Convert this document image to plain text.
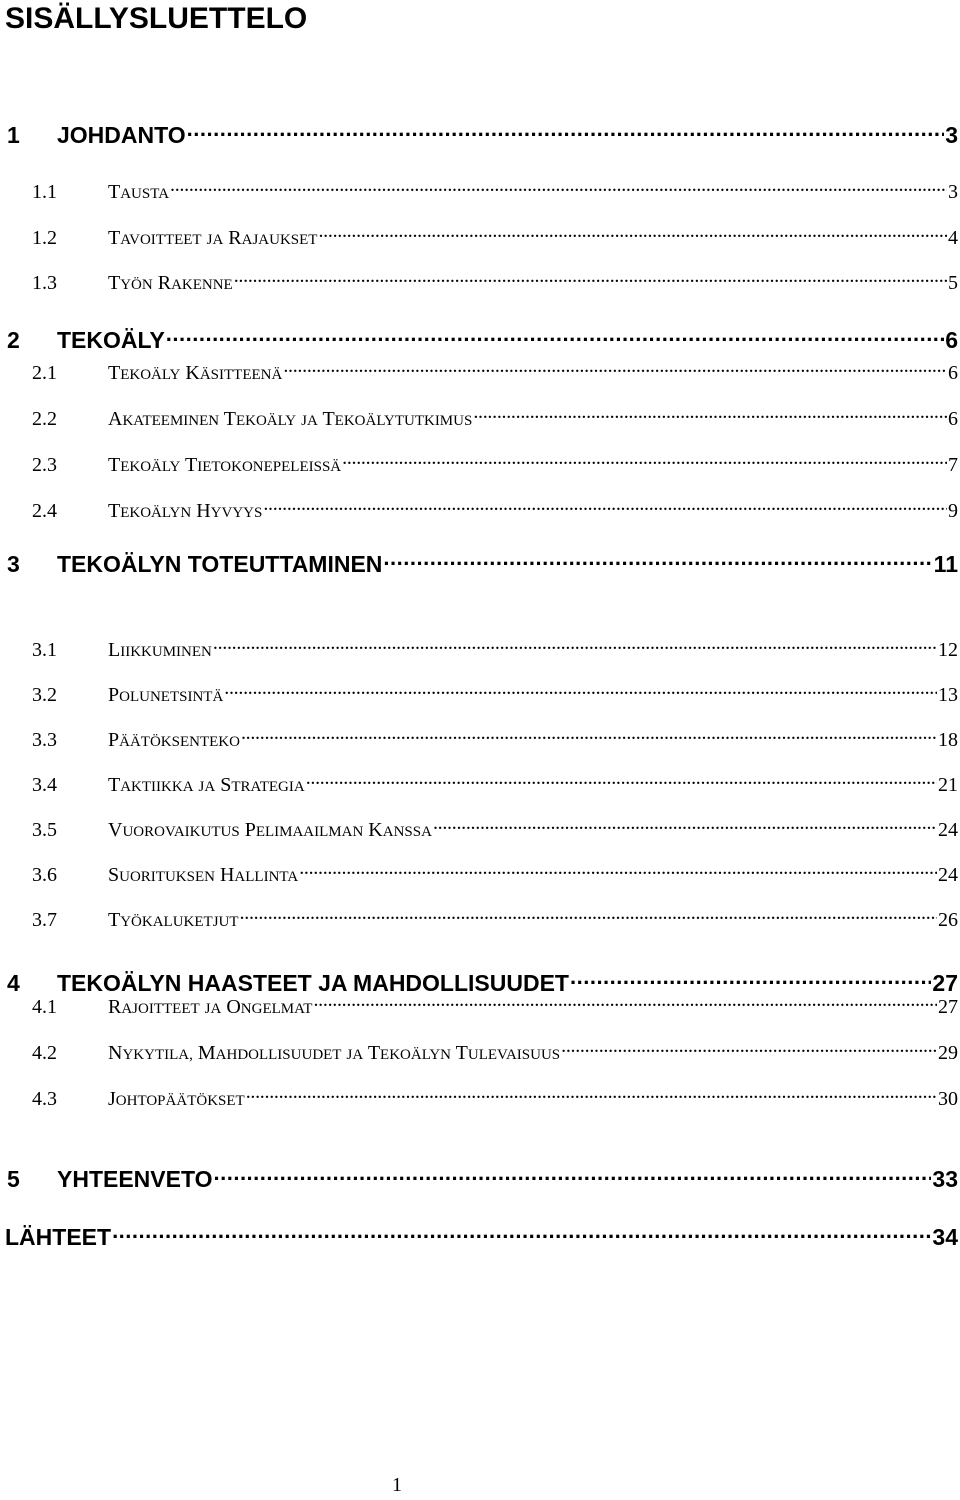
SISÄLLYSLUETTELO
1	JOHDANTO .....	3
1.1	TAUSTA .....	3
1.2	TAVOITTEET JA RAJAUKSET .....	4
1.3	TYÖN RAKENNE .....	5
2	TEKOÄLY .....	6
2.1	TEKOÄLY KÄSITTEENÄ .....	6
2.2	AKATEEMINEN TEKOÄLY JA TEKOÄLYTUTKIMUS .....	6
2.3	TEKOÄLY TIETOKONEPELEISSÄ .....	7
2.4	TEKOÄLYN HYVYYS .....	9
3	TEKOÄLYN TOTEUTTAMINEN .....	11
3.1	LIIKKUMINEN .....	12
3.2	POLUNETSINTÄ .....	13
3.3	PÄÄTÖKSENTEKO .....	18
3.4	TAKTIIKKA JA STRATEGIA .....	21
3.5	VUOROVAIKUTUS PELIMAAILMAN KANSSA .....	24
3.6	SUORITUKSEN HALLINTA .....	24
3.7	TYÖKALUKETJUT .....	26
4	TEKOÄLYN HAASTEET JA MAHDOLLISUUDET .....	27
4.1	RAJOITTEET JA ONGELMAT .....	27
4.2	NYKYTILA, MAHDOLLISUUDET JA TEKOÄLYN TULEVAISUUS .....	29
4.3	JOHTOPÄÄTÖKSET .....	30
5	YHTEENVETO .....	33
LÄHTEET .....	34
1
